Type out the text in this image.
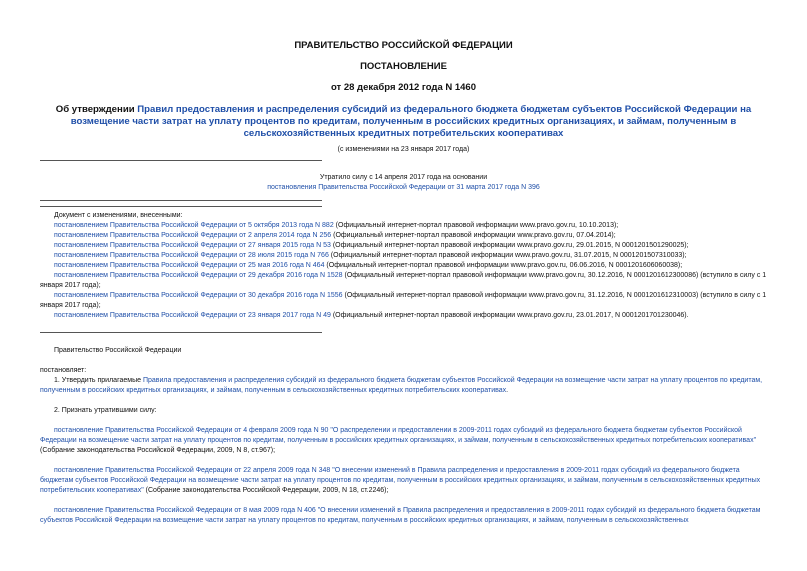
ПРАВИТЕЛЬСТВО РОССИЙСКОЙ ФЕДЕРАЦИИ
ПОСТАНОВЛЕНИЕ
от 28 декабря 2012 года N 1460
Об утверждении Правил предоставления и распределения субсидий из федерального бюджета бюджетам субъектов Российской Федерации на возмещение части затрат на уплату процентов по кредитам, полученным в российских кредитных организациях, и займам, полученным в сельскохозяйственных кредитных потребительских кооперативах
(с изменениями на 23 января 2017 года)
Утратило силу с 14 апреля 2017 года на основании
постановления Правительства Российской Федерации от 31 марта 2017 года N 396
Документ с изменениями, внесенными:
постановлением Правительства Российской Федерации от 5 октября 2013 года N 882 (Официальный интернет-портал правовой информации www.pravo.gov.ru, 10.10.2013);
постановлением Правительства Российской Федерации от 2 апреля 2014 года N 256 (Официальный интернет-портал правовой информации www.pravo.gov.ru, 07.04.2014);
постановлением Правительства Российской Федерации от 27 января 2015 года N 53 (Официальный интернет-портал правовой информации www.pravo.gov.ru, 29.01.2015, N 0001201501290025);
постановлением Правительства Российской Федерации от 28 июля 2015 года N 766 (Официальный интернет-портал правовой информации www.pravo.gov.ru, 31.07.2015, N 0001201507310033);
постановлением Правительства Российской Федерации от 25 мая 2016 года N 464 (Официальный интернет-портал правовой информации www.pravo.gov.ru, 06.06.2016, N 0001201606060038);
постановлением Правительства Российской Федерации от 29 декабря 2016 года N 1528 (Официальный интернет-портал правовой информации www.pravo.gov.ru, 30.12.2016, N 0001201612300086) (вступило в силу с 1 января 2017 года);
постановлением Правительства Российской Федерации от 30 декабря 2016 года N 1556 (Официальный интернет-портал правовой информации www.pravo.gov.ru, 31.12.2016, N 0001201612310003) (вступило в силу с 1 января 2017 года);
постановлением Правительства Российской Федерации от 23 января 2017 года N 49 (Официальный интернет-портал правовой информации www.pravo.gov.ru, 23.01.2017, N 0001201701230046).
Правительство Российской Федерации
постановляет:
1. Утвердить прилагаемые Правила предоставления и распределения субсидий из федерального бюджета бюджетам субъектов Российской Федерации на возмещение части затрат на уплату процентов по кредитам, полученным в российских кредитных организациях, и займам, полученным в сельскохозяйственных кредитных потребительских кооперативах.
2. Признать утратившими силу:
постановление Правительства Российской Федерации от 4 февраля 2009 года N 90 "О распределении и предоставлении в 2009-2011 годах субсидий из федерального бюджета бюджетам субъектов Российской Федерации на возмещение части затрат на уплату процентов по кредитам, полученным в российских кредитных организациях, и займам, полученным в сельскохозяйственных кредитных потребительских кооперативах" (Собрание законодательства Российской Федерации, 2009, N 8, ст.967);
постановление Правительства Российской Федерации от 22 апреля 2009 года N 348 "О внесении изменений в Правила распределения и предоставления в 2009-2011 годах субсидий из федерального бюджета бюджетам субъектов Российской Федерации на возмещение части затрат на уплату процентов по кредитам, полученным в российских кредитных организациях, и займам, полученным в сельскохозяйственных кредитных потребительских кооперативах" (Собрание законодательства Российской Федерации, 2009, N 18, ст.2246);
постановление Правительства Российской Федерации от 8 мая 2009 года N 406 "О внесении изменений в Правила распределения и предоставления в 2009-2011 годах субсидий из федерального бюджета бюджетам субъектов Российской Федерации на возмещение части затрат на уплату процентов по кредитам, полученным в российских кредитных организациях, и займам, полученным в сельскохозяйственных
